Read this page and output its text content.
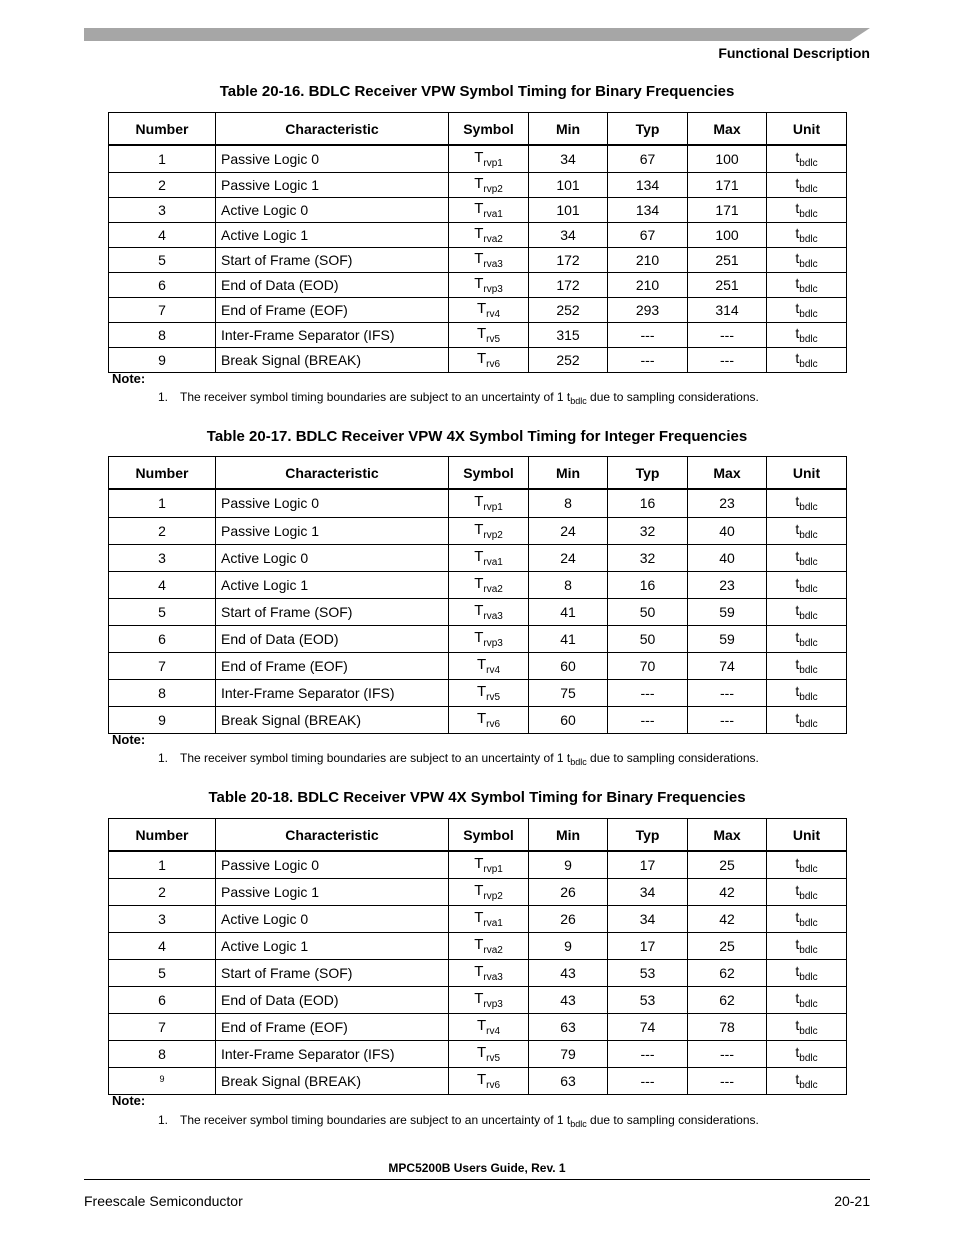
Functional Description
Table 20-16. BDLC Receiver VPW Symbol Timing for Binary Frequencies
Number	Characteristic	Symbol	Min	Typ	Max	Unit
1	Passive Logic 0	$T_{rvp1}$	34	67	100	$t_{bdlc}$
2	Passive Logic 1	$T_{rvp2}$	101	134	171	$t_{bdlc}$
3	Active Logic 0	$T_{rva1}$	101	134	171	$t_{bdlc}$
4	Active Logic 1	$T_{rva2}$	34	67	100	$t_{bdlc}$
5	Start of Frame (SOF)	$T_{rva3}$	172	210	251	$t_{bdlc}$
6	End of Data (EOD)	$T_{rvp3}$	172	210	251	$t_{bdlc}$
7	End of Frame (EOF)	$T_{rv4}$	252	293	314	$t_{bdlc}$
8	Inter-Frame Separator (IFS)	$T_{rv5}$	315	---	---	$t_{bdlc}$
9	Break Signal (BREAK)	$T_{rv6}$	252	---	---	$t_{bdlc}$
Note:
1. The receiver symbol timing boundaries are subject to an uncertainty of 1 $t_{bdlc}$ due to sampling considerations.
Table 20-17. BDLC Receiver VPW 4X Symbol Timing for Integer Frequencies
Number	Characteristic	Symbol	Min	Typ	Max	Unit
1	Passive Logic 0	$T_{rvp1}$	8	16	23	$t_{bdlc}$
2	Passive Logic 1	$T_{rvp2}$	24	32	40	$t_{bdlc}$
3	Active Logic 0	$T_{rva1}$	24	32	40	$t_{bdlc}$
4	Active Logic 1	$T_{rva2}$	8	16	23	$t_{bdlc}$
5	Start of Frame (SOF)	$T_{rva3}$	41	50	59	$t_{bdlc}$
6	End of Data (EOD)	$T_{rvp3}$	41	50	59	$t_{bdlc}$
7	End of Frame (EOF)	$T_{rv4}$	60	70	74	$t_{bdlc}$
8	Inter-Frame Separator (IFS)	$T_{rv5}$	75	---	---	$t_{bdlc}$
9	Break Signal (BREAK)	$T_{rv6}$	60	---	---	$t_{bdlc}$
Note:
1. The receiver symbol timing boundaries are subject to an uncertainty of 1 $t_{bdlc}$ due to sampling considerations.
Table 20-18. BDLC Receiver VPW 4X Symbol Timing for Binary Frequencies
Number	Characteristic	Symbol	Min	Typ	Max	Unit
1	Passive Logic 0	$T_{rvp1}$	9	17	25	$t_{bdlc}$
2	Passive Logic 1	$T_{rvp2}$	26	34	42	$t_{bdlc}$
3	Active Logic 0	$T_{rva1}$	26	34	42	$t_{bdlc}$
4	Active Logic 1	$T_{rva2}$	9	17	25	$t_{bdlc}$
5	Start of Frame (SOF)	$T_{rva3}$	43	53	62	$t_{bdlc}$
6	End of Data (EOD)	$T_{rvp3}$	43	53	62	$t_{bdlc}$
7	End of Frame (EOF)	$T_{rv4}$	63	74	78	$t_{bdlc}$
8	Inter-Frame Separator (IFS)	$T_{rv5}$	79	---	---	$t_{bdlc}$
$^9$	Break Signal (BREAK)	$T_{rv6}$	63	---	---	$t_{bdlc}$
Note:
1. The receiver symbol timing boundaries are subject to an uncertainty of 1 $t_{bdlc}$ due to sampling considerations.
MPC5200B Users Guide, Rev. 1
Freescale Semiconductor	20-21
